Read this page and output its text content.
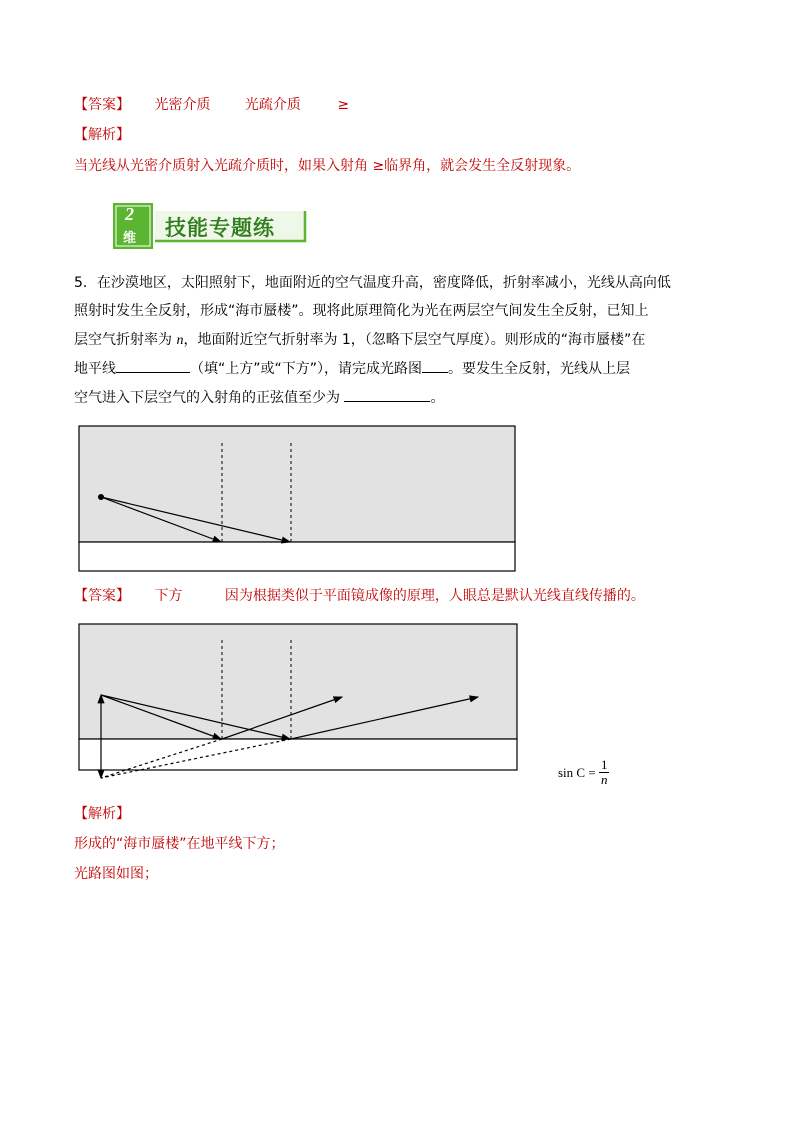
【答案】 光密介质 光疏介质	≥
【解析】
当光线从光密介质射入光疏介质时，如果入射角 ≥临界角，就会发生全反射现象。
2
维 技能专题练
5．在沙漠地区，太阳照射下，地面附近的空气温度升高，密度降低，折射率减小，光线从高向低
照射时发生全反射，形成“海市蜃楼”。现将此原理简化为光在两层空气间发生全反射，已知上
层空气折射率为 n，地面附近空气折射率为 1，（忽略下层空气厚度）。则形成的“海市蜃楼”在
地平线	（填“上方”或“下方”），请完成光路图 。要发生全反射，光线从上层
空气进入下层空气的入射角的正弦值至少为	。
【答案】 下方	因为根据类似于平面镜成像的原理，人眼总是默认光线直线传播的。
$\sin C = \frac{1}{n}$
【解析】
形成的“海市蜃楼”在地平线下方；
光路图如图；
